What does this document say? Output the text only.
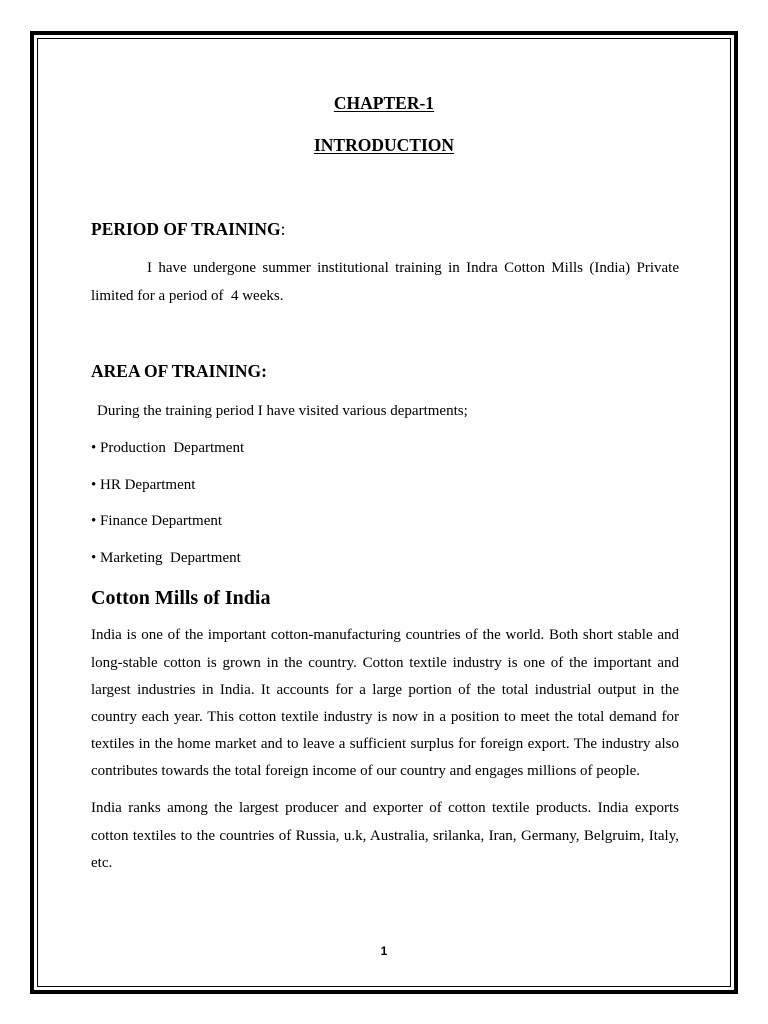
CHAPTER-1
INTRODUCTION
PERIOD OF TRAINING:

I have undergone summer institutional training in Indra Cotton Mills (India) Private limited for a period of  4 weeks.

AREA OF TRAINING:

During the training period I have visited various departments;

• Production  Department
• HR Department
• Finance Department
• Marketing  Department
Cotton Mills of India

India is one of the important cotton-manufacturing countries of the world. Both short stable and long-stable cotton is grown in the country. Cotton textile industry is one of the important and largest industries in India. It accounts for a large portion of the total industrial output in the country each year. This cotton textile industry is now in a position to meet the total demand for textiles in the home market and to leave a sufficient surplus for foreign export. The industry also contributes towards the total foreign income of our country and engages millions of people.

India ranks among the largest producer and exporter of cotton textile products. India exports cotton textiles to the countries of Russia, u.k, Australia, srilanka, Iran, Germany, Belgruim, Italy, etc.

1
